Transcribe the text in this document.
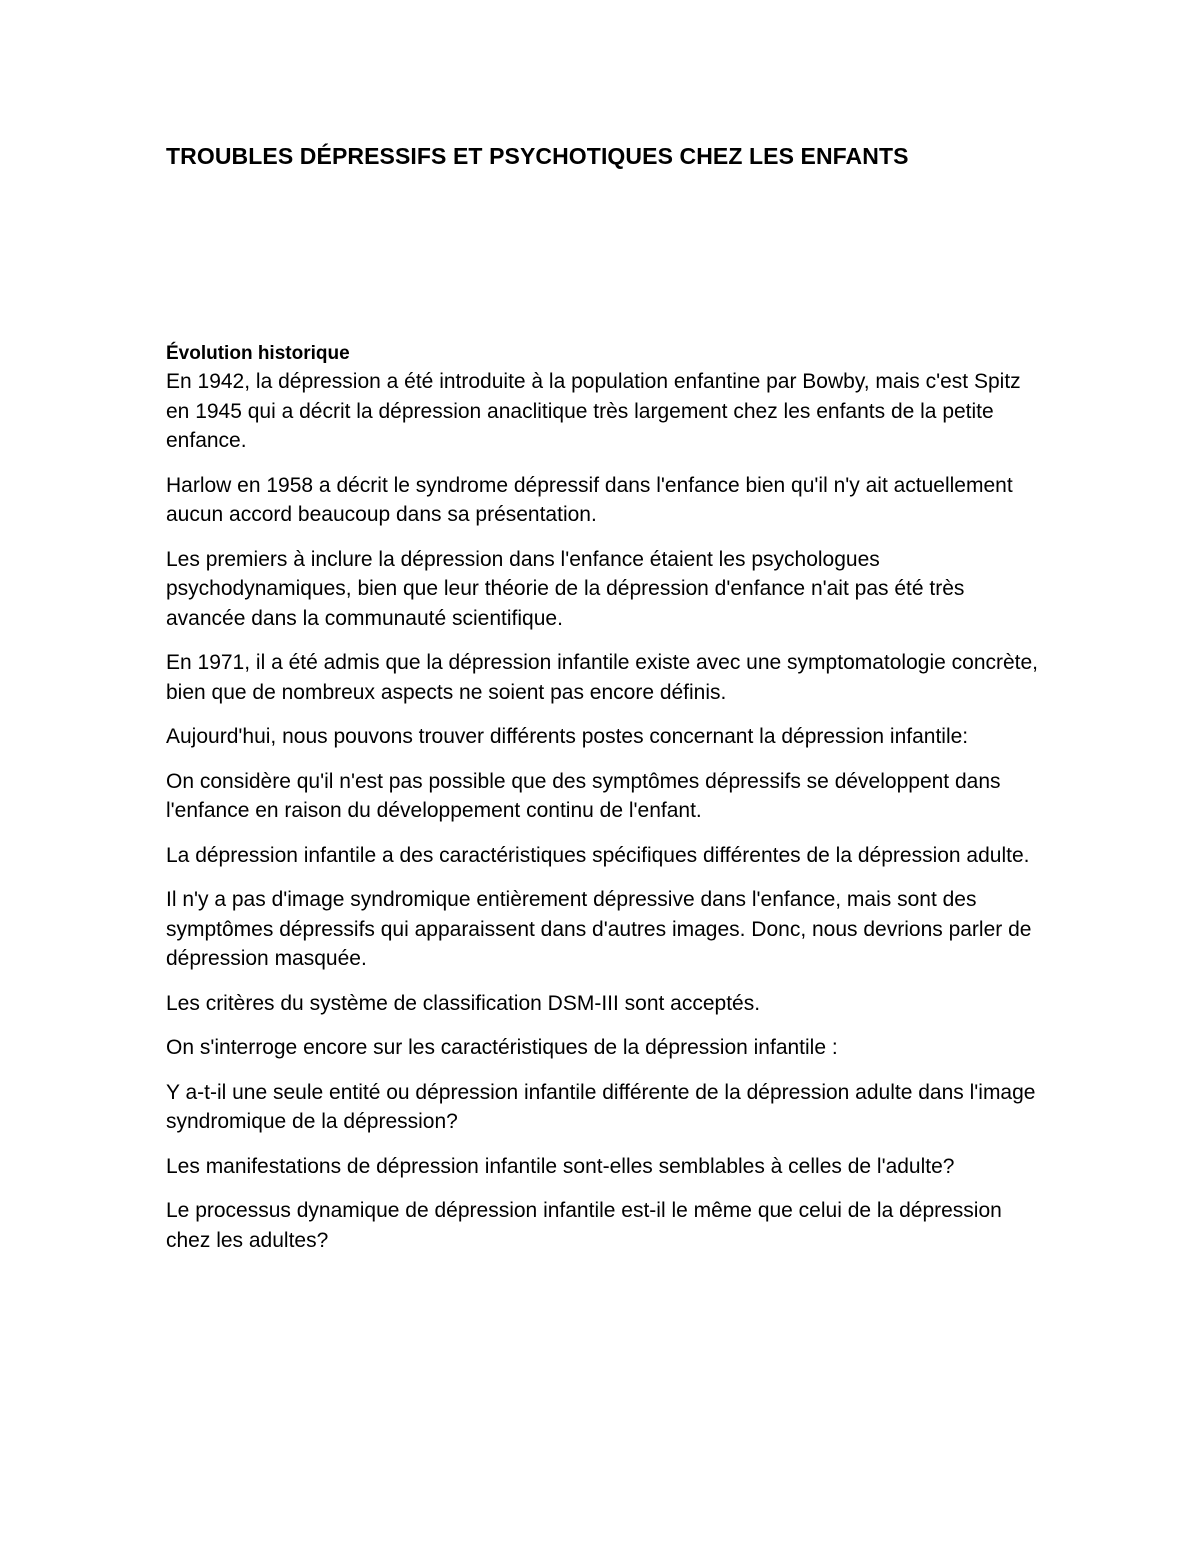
TROUBLES DÉPRESSIFS ET PSYCHOTIQUES CHEZ LES ENFANTS
Évolution historique

En 1942, la dépression a été introduite à la population enfantine par Bowby, mais c'est Spitz en 1945 qui a décrit la dépression anaclitique très largement chez les enfants de la petite enfance.

Harlow en 1958 a décrit le syndrome dépressif dans l'enfance bien qu'il n'y ait actuellement aucun accord beaucoup dans sa présentation.

Les premiers à inclure la dépression dans l'enfance étaient les psychologues psychodynamiques, bien que leur théorie de la dépression d'enfance n'ait pas été très avancée dans la communauté scientifique.

En 1971, il a été admis que la dépression infantile existe avec une symptomatologie concrète, bien que de nombreux aspects ne soient pas encore définis.

Aujourd'hui, nous pouvons trouver différents postes concernant la dépression infantile:

On considère qu'il n'est pas possible que des symptômes dépressifs se développent dans l'enfance en raison du développement continu de l'enfant.

La dépression infantile a des caractéristiques spécifiques différentes de la dépression adulte.

Il n'y a pas d'image syndromique entièrement dépressive dans l'enfance, mais sont des symptômes dépressifs qui apparaissent dans d'autres images. Donc, nous devrions parler de dépression masquée.

Les critères du système de classification DSM-III sont acceptés.

On s'interroge encore sur les caractéristiques de la dépression infantile :

Y a-t-il une seule entité ou dépression infantile différente de la dépression adulte dans l'image syndromique de la dépression?

Les manifestations de dépression infantile sont-elles semblables à celles de l'adulte?

Le processus dynamique de dépression infantile est-il le même que celui de la dépression chez les adultes?
